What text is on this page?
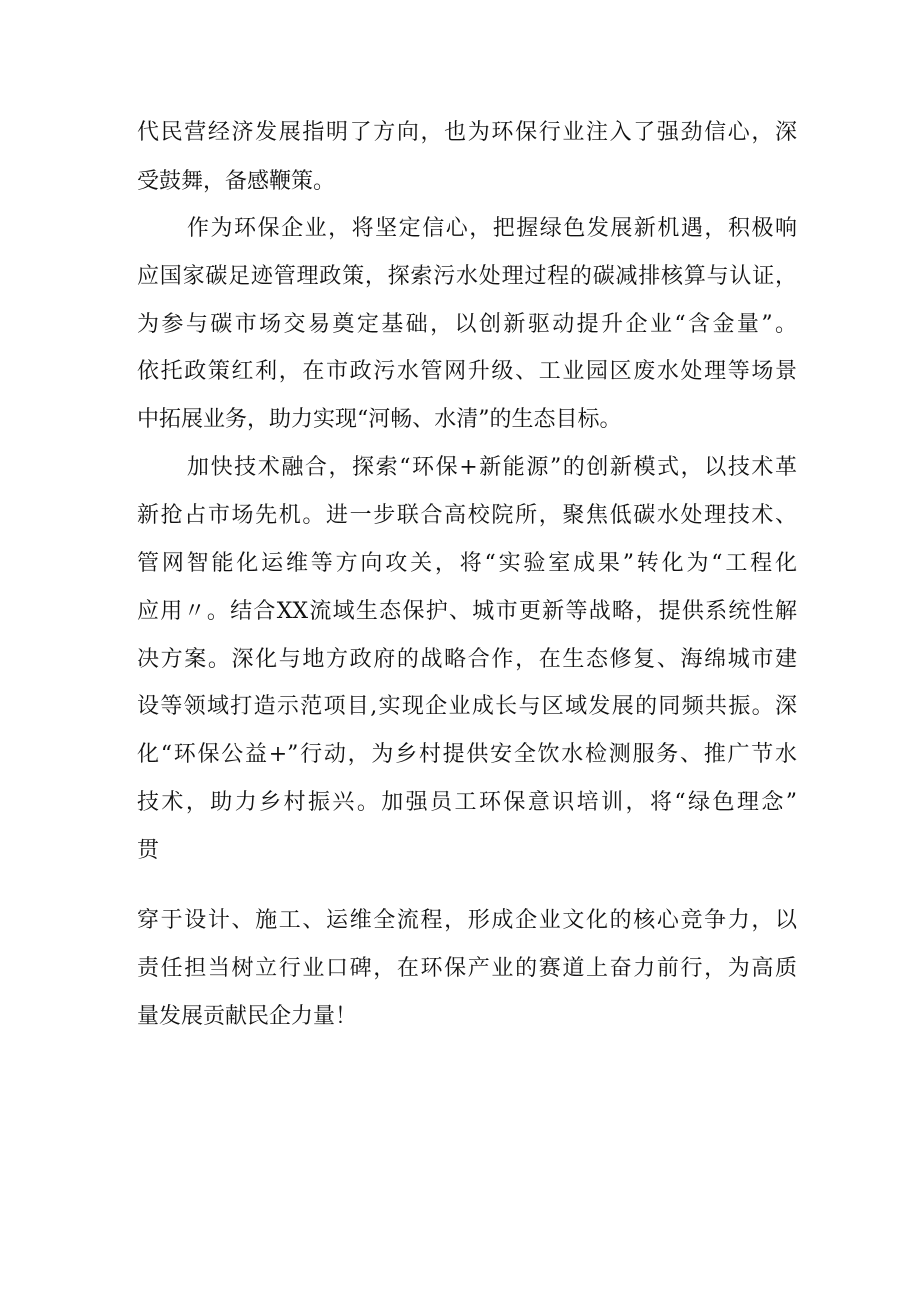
代民营经济发展指明了方向，也为环保行业注入了强劲信心，深
受鼓舞，备感鞭策。
作为环保企业，将坚定信心，把握绿色发展新机遇，积极响
应国家碳足迹管理政策，探索污水处理过程的碳减排核算与认证，
为参与碳市场交易奠定基础，以创新驱动提升企业“含金量”。
依托政策红利，在市政污水管网升级、工业园区废水处理等场景
中拓展业务，助力实现“河畅、水清”的生态目标。
加快技术融合，探索“环保+新能源”的创新模式，以技术革
新抢占市场先机。进一步联合高校院所，聚焦低碳水处理技术、
管网智能化运维等方向攻关，将“实验室成果”转化为“工程化
应用〃。结合XX流域生态保护、城市更新等战略，提供系统性解
决方案。深化与地方政府的战略合作，在生态修复、海绵城市建
设等领域打造示范项目,实现企业成长与区域发展的同频共振。深
化“环保公益+”行动，为乡村提供安全饮水检测服务、推广节水
技术，助力乡村振兴。加强员工环保意识培训，将“绿色理念”
贯
穿于设计、施工、运维全流程，形成企业文化的核心竞争力，以
责任担当树立行业口碑，在环保产业的赛道上奋力前行，为高质
量发展贡献民企力量！
